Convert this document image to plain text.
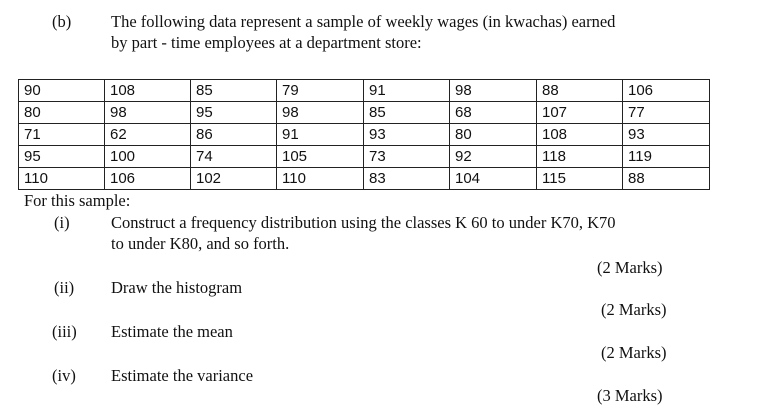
(b) The following data represent a sample of weekly wages (in kwachas) earned
by part - time employees at a department store:
90	108	85	79	91	98	88	106
80	98	95	98	85	68	107	77
71	62	86	91	93	80	108	93
95	100	74	105	73	92	118	119
110	106	102	110	83	104	115	88
For this sample:
(i)	Construct a frequency distribution using the classes K 60 to under K70, K70
to under K80, and so forth.
(2 Marks)
(ii) Draw the histogram
(2 Marks)
(iii) Estimate the mean
(2 Marks)
(iv) Estimate the variance
(3 Marks)
